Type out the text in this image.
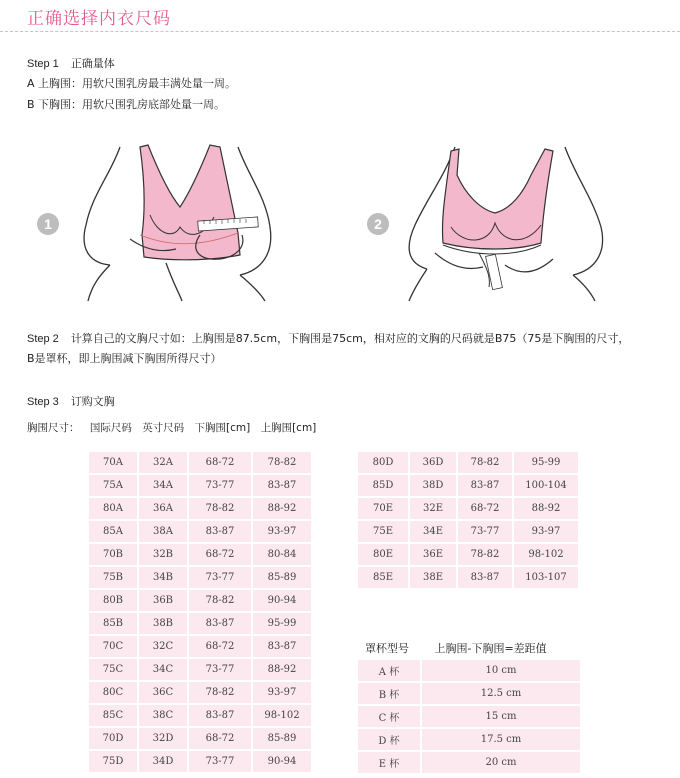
正确选择内衣尺码
Step 1 正确量体
A 上胸围：用软尺围乳房最丰满处量一周。
B 下胸围：用软尺围乳房底部处量一周。
1	2
Step 2 计算自己的文胸尺寸如：上胸围是87.5cm，下胸围是75cm，相对应的文胸的尺码就是B75（75是下胸围的尺寸，
B是罩杯，即上胸围减下胸围所得尺寸）
Step 3 订购文胸
胸围尺寸： 国际尺码 英寸尺码 下胸围[cm] 上胸围[cm]
70A	32A	68-72	78-82
75A	34A	73-77	83-87
80A	36A	78-82	88-92
85A	38A	83-87	93-97
70B	32B	68-72	80-84
75B	34B	73-77	85-89
80B	36B	78-82	90-94
85B	38B	83-87	95-99
70C	32C	68-72	83-87
75C	34C	73-77	88-92
80C	36C	78-82	93-97
85C	38C	83-87	98-102
70D	32D	68-72	85-89
75D	34D	73-77	90-94
80D	36D	78-82	95-99
85D	38D	83-87	100-104
70E	32E	68-72	88-92
75E	34E	73-77	93-97
80E	36E	78-82	98-102
85E	38E	83-87	103-107
罩杯型号 上胸围-下胸围=差距值
A 杯	10 cm
B 杯	12.5 cm
C 杯	15 cm
D 杯	17.5 cm
E 杯	20 cm
